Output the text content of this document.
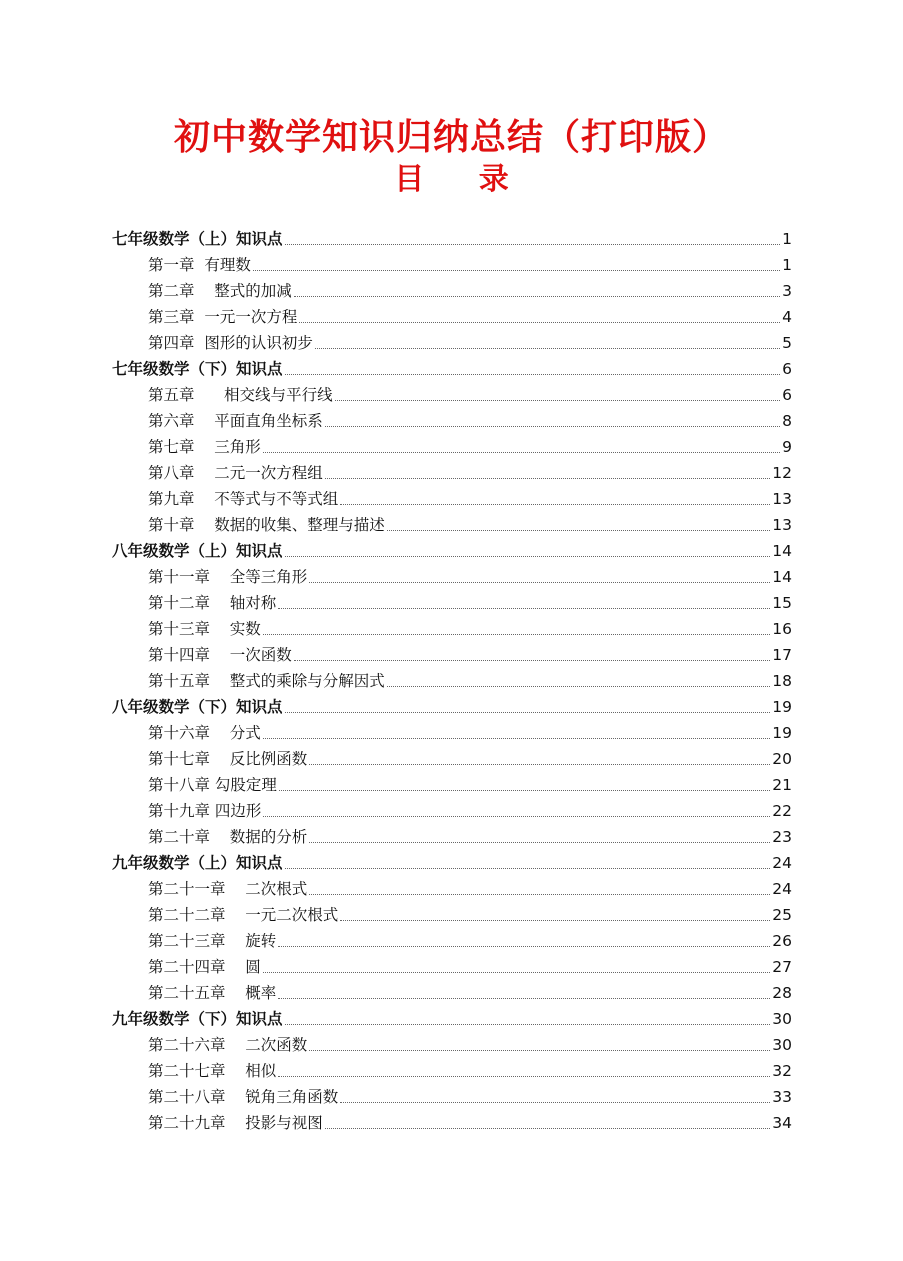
初中数学知识归纳总结（打印版）
目 录
七年级数学（上）知识点	1
第一章  有理数	1
第二章    整式的加减	3
第三章  一元一次方程	4
第四章  图形的认识初步	5
七年级数学（下）知识点	6
第五章      相交线与平行线	6
第六章    平面直角坐标系	8
第七章    三角形	9
第八章    二元一次方程组	12
第九章    不等式与不等式组	13
第十章    数据的收集、整理与描述	13
八年级数学（上）知识点	14
第十一章    全等三角形	14
第十二章    轴对称	15
第十三章    实数	16
第十四章    一次函数	17
第十五章    整式的乘除与分解因式	18
八年级数学（下）知识点	19
第十六章    分式	19
第十七章    反比例函数	20
第十八章 勾股定理	21
第十九章 四边形	22
第二十章    数据的分析	23
九年级数学（上）知识点	24
第二十一章    二次根式	24
第二十二章    一元二次根式	25
第二十三章    旋转	26
第二十四章    圆	27
第二十五章    概率	28
九年级数学（下）知识点	30
第二十六章    二次函数	30
第二十七章    相似	32
第二十八章    锐角三角函数	33
第二十九章    投影与视图	34
